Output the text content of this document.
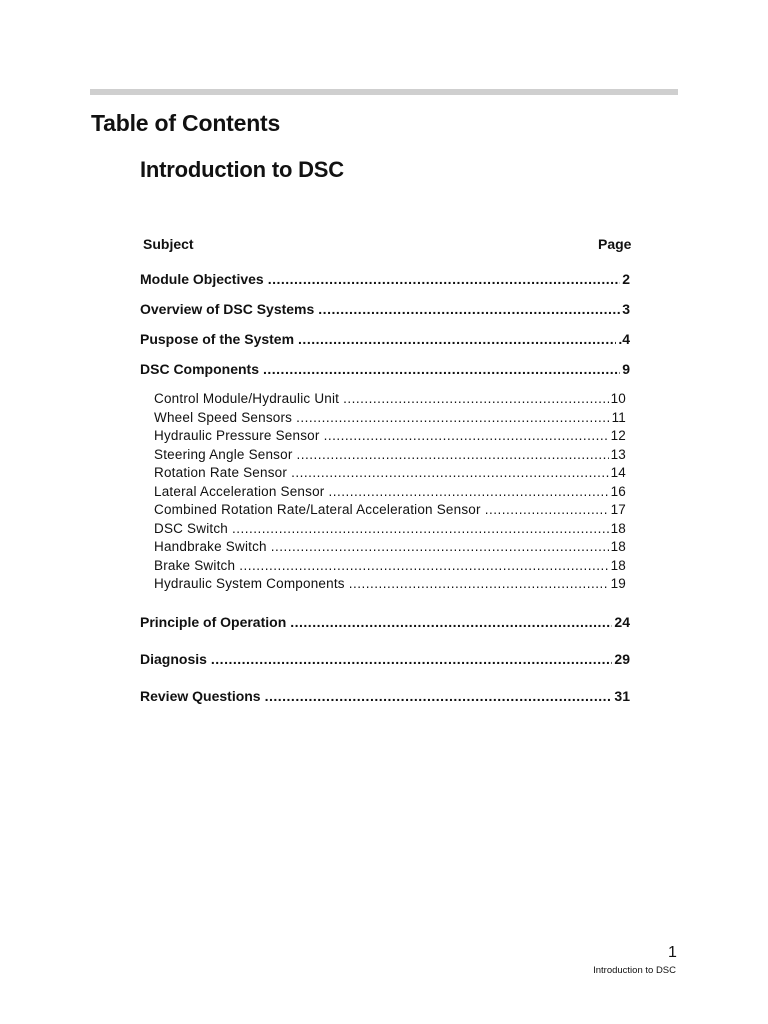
Table of Contents
Introduction to DSC
Subject	Page
Module Objectives .....	2
Overview of DSC Systems .....	3
Puspose of the System .....	.4
DSC Components .....	9
Control Module/Hydraulic Unit .....	10
Wheel Speed Sensors .....	11
Hydraulic Pressure Sensor .....	12
Steering Angle Sensor .....	13
Rotation Rate Sensor .....	14
Lateral Acceleration Sensor .....	16
Combined Rotation Rate/Lateral Acceleration Sensor .....	17
DSC Switch .....	18
Handbrake Switch .....	18
Brake Switch .....	18
Hydraulic System Components .....	19
Principle of Operation .....	24
Diagnosis .....	29
Review Questions .....	31
1
Introduction to DSC
